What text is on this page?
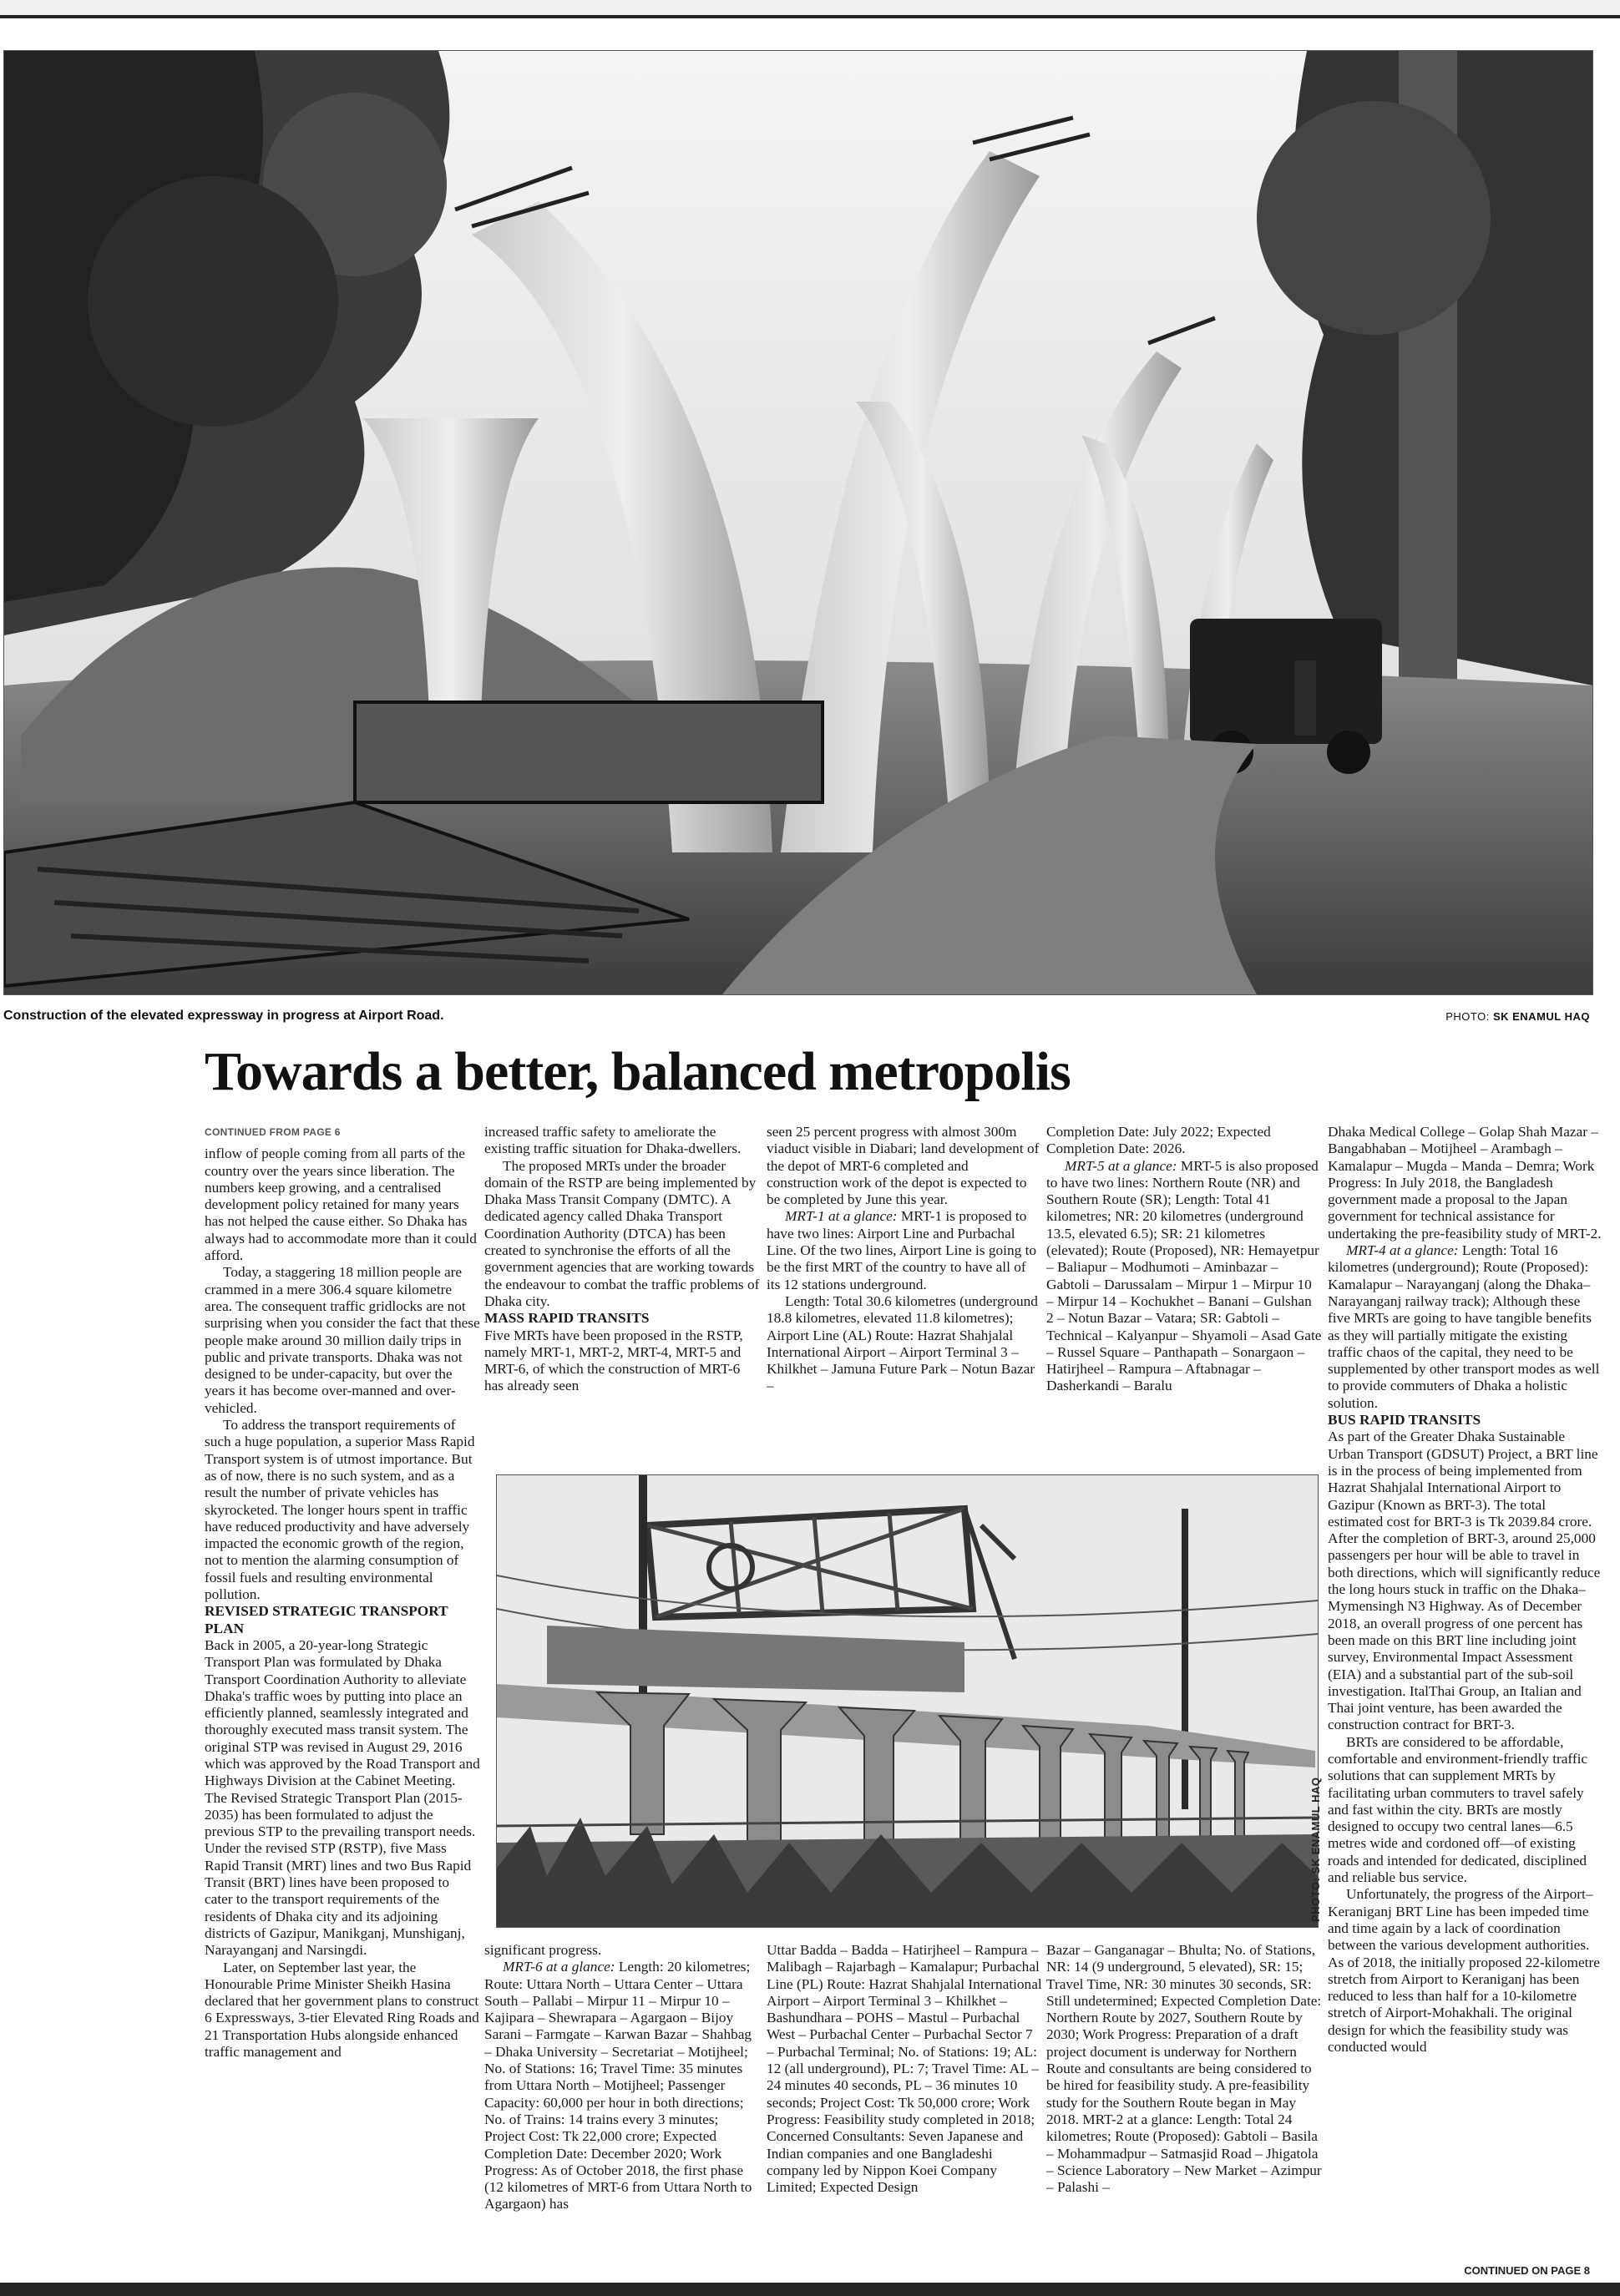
Construction of the elevated expressway in progress at Airport Road.	PHOTO: SK ENAMUL HAQ
Towards a better, balanced metropolis
CONTINUED FROM PAGE 6

inflow of people coming from all parts of the country over the years since liberation. The numbers keep growing, and a centralised development policy retained for many years has not helped the cause either. So Dhaka has always had to accommodate more than it could afford.

Today, a staggering 18 million people are crammed in a mere 306.4 square kilometre area. The consequent traffic gridlocks are not surprising when you consider the fact that these people make around 30 million daily trips in public and private transports. Dhaka was not designed to be under-capacity, but over the years it has become over-manned and over-vehicled.

To address the transport requirements of such a huge population, a superior Mass Rapid Transport system is of utmost importance. But as of now, there is no such system, and as a result the number of private vehicles has skyrocketed. The longer hours spent in traffic have reduced productivity and have adversely impacted the economic growth of the region, not to mention the alarming consumption of fossil fuels and resulting environmental pollution.

REVISED STRATEGIC TRANSPORT PLAN

Back in 2005, a 20-year-long Strategic Transport Plan was formulated by Dhaka Transport Coordination Authority to alleviate Dhaka's traffic woes by putting into place an efficiently planned, seamlessly integrated and thoroughly executed mass transit system. The original STP was revised in August 29, 2016 which was approved by the Road Transport and Highways Division at the Cabinet Meeting. The Revised Strategic Transport Plan (2015-2035) has been formulated to adjust the previous STP to the prevailing transport needs. Under the revised STP (RSTP), five Mass Rapid Transit (MRT) lines and two Bus Rapid Transit (BRT) lines have been proposed to cater to the transport requirements of the residents of Dhaka city and its adjoining districts of Gazipur, Manikganj, Munshiganj, Narayanganj and Narsingdi.

Later, on September last year, the Honourable Prime Minister Sheikh Hasina declared that her government plans to construct 6 Expressways, 3-tier Elevated Ring Roads and 21 Transportation Hubs alongside enhanced traffic management and

increased traffic safety to ameliorate the existing traffic situation for Dhaka-dwellers.

The proposed MRTs under the broader domain of the RSTP are being implemented by Dhaka Mass Transit Company (DMTC). A dedicated agency called Dhaka Transport Coordination Authority (DTCA) has been created to synchronise the efforts of all the government agencies that are working towards the endeavour to combat the traffic problems of Dhaka city.

MASS RAPID TRANSITS

Five MRTs have been proposed in the RSTP, namely MRT-1, MRT-2, MRT-4, MRT-5 and MRT-6, of which the construction of MRT-6 has already seen

seen 25 percent progress with almost 300m viaduct visible in Diabari; land development of the depot of MRT-6 completed and construction work of the depot is expected to be completed by June this year.

MRT-1 at a glance: MRT-1 is proposed to have two lines: Airport Line and Purbachal Line. Of the two lines, Airport Line is going to be the first MRT of the country to have all of its 12 stations underground.

Length: Total 30.6 kilometres (underground 18.8 kilometres, elevated 11.8 kilometres); Airport Line (AL) Route: Hazrat Shahjalal International Airport – Airport Terminal 3 – Khilkhet – Jamuna Future Park – Notun Bazar –

Completion Date: July 2022; Expected Completion Date: 2026.

MRT-5 at a glance: MRT-5 is also proposed to have two lines: Northern Route (NR) and Southern Route (SR); Length: Total 41 kilometres; NR: 20 kilometres (underground 13.5, elevated 6.5); SR: 21 kilometres (elevated); Route (Proposed), NR: Hemayetpur – Baliapur – Modhumoti – Aminbazar – Gabtoli – Darussalam – Mirpur 1 – Mirpur 10 – Mirpur 14 – Kochukhet – Banani – Gulshan 2 – Notun Bazar – Vatara; SR: Gabtoli – Technical – Kalyanpur – Shyamoli – Asad Gate – Russel Square – Panthapath – Sonargaon – Hatirjheel – Rampura – Aftabnagar – Dasherkandi – Baralu

Dhaka Medical College – Golap Shah Mazar – Bangabhaban – Motijheel – Arambagh – Kamalapur – Mugda – Manda – Demra; Work Progress: In July 2018, the Bangladesh government made a proposal to the Japan government for technical assistance for undertaking the pre-feasibility study of MRT-2.

MRT-4 at a glance: Length: Total 16 kilometres (underground); Route (Proposed): Kamalapur – Narayanganj (along the Dhaka–Narayanganj railway track); Although these five MRTs are going to have tangible benefits as they will partially mitigate the existing traffic chaos of the capital, they need to be supplemented by other transport modes as well to provide commuters of Dhaka a holistic solution.

BUS RAPID TRANSITS

As part of the Greater Dhaka Sustainable Urban Transport (GDSUT) Project, a BRT line is in the process of being implemented from Hazrat Shahjalal International Airport to Gazipur (Known as BRT-3). The total estimated cost for BRT-3 is Tk 2039.84 crore. After the completion of BRT-3, around 25,000 passengers per hour will be able to travel in both directions, which will significantly reduce the long hours stuck in traffic on the Dhaka–Mymensingh N3 Highway. As of December 2018, an overall progress of one percent has been made on this BRT line including joint survey, Environmental Impact Assessment (EIA) and a substantial part of the sub-soil investigation. ItalThai Group, an Italian and Thai joint venture, has been awarded the construction contract for BRT-3.

BRTs are considered to be affordable, comfortable and environment-friendly traffic solutions that can supplement MRTs by facilitating urban commuters to travel safely and fast within the city. BRTs are mostly designed to occupy two central lanes—6.5 metres wide and cordoned off—of existing roads and intended for dedicated, disciplined and reliable bus service.

Unfortunately, the progress of the Airport–Keraniganj BRT Line has been impeded time and time again by a lack of coordination between the various development authorities. As of 2018, the initially proposed 22-kilometre stretch from Airport to Keraniganj has been reduced to less than half for a 10-kilometre stretch of Airport-Mohakhali. The original design for which the feasibility study was conducted would

PHOTO: SK ENAMUL HAQ

significant progress.

MRT-6 at a glance: Length: 20 kilometres; Route: Uttara North – Uttara Center – Uttara South – Pallabi – Mirpur 11 – Mirpur 10 – Kajipara – Shewrapara – Agargaon – Bijoy Sarani – Farmgate – Karwan Bazar – Shahbag – Dhaka University – Secretariat – Motijheel; No. of Stations: 16; Travel Time: 35 minutes from Uttara North – Motijheel; Passenger Capacity: 60,000 per hour in both directions; No. of Trains: 14 trains every 3 minutes; Project Cost: Tk 22,000 crore; Expected Completion Date: December 2020; Work Progress: As of October 2018, the first phase (12 kilometres of MRT-6 from Uttara North to Agargaon) has

Uttar Badda – Badda – Hatirjheel – Rampura – Malibagh – Rajarbagh – Kamalapur; Purbachal Line (PL) Route: Hazrat Shahjalal International Airport – Airport Terminal 3 – Khilkhet – Bashundhara – POHS – Mastul – Purbachal West – Purbachal Center – Purbachal Sector 7 – Purbachal Terminal; No. of Stations: 19; AL: 12 (all underground), PL: 7; Travel Time: AL – 24 minutes 40 seconds, PL – 36 minutes 10 seconds; Project Cost: Tk 50,000 crore; Work Progress: Feasibility study completed in 2018; Concerned Consultants: Seven Japanese and Indian companies and one Bangladeshi company led by Nippon Koei Company Limited; Expected Design

Bazar – Ganganagar – Bhulta; No. of Stations, NR: 14 (9 underground, 5 elevated), SR: 15; Travel Time, NR: 30 minutes 30 seconds, SR: Still undetermined; Expected Completion Date: Northern Route by 2027, Southern Route by 2030; Work Progress: Preparation of a draft project document is underway for Northern Route and consultants are being considered to be hired for feasibility study. A pre-feasibility study for the Southern Route began in May 2018. MRT-2 at a glance: Length: Total 24 kilometres; Route (Proposed): Gabtoli – Basila – Mohammadpur – Satmasjid Road – Jhigatola – Science Laboratory – New Market – Azimpur – Palashi –

CONTINUED ON PAGE 8
